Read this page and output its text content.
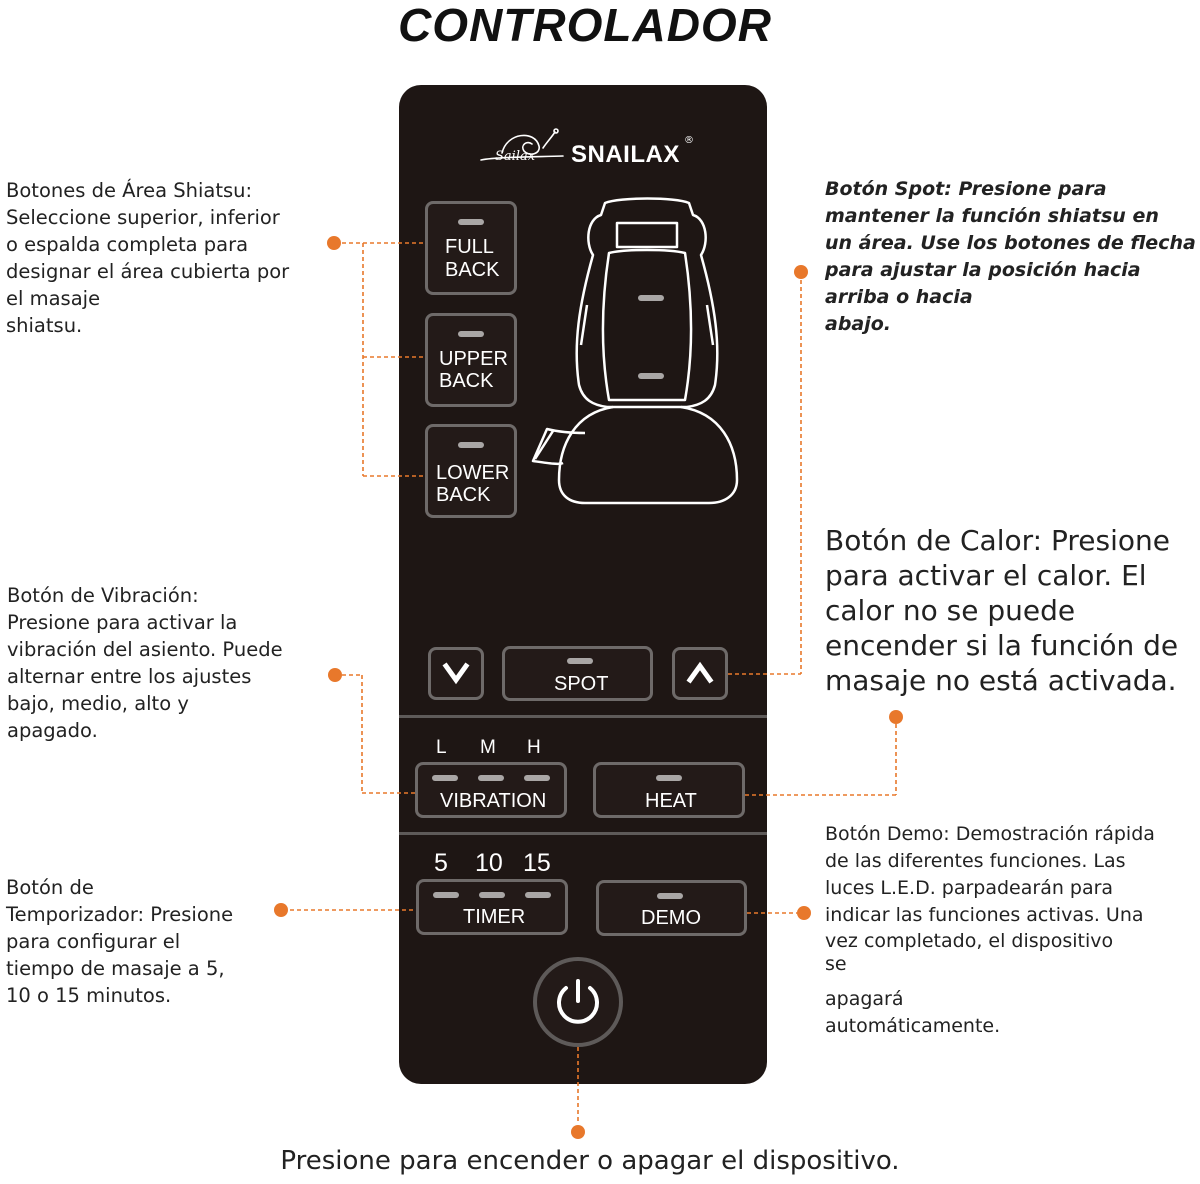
CONTROLADOR
Botones de Área Shiatsu:
Seleccione superior, inferior
o espalda completa para
designar el área cubierta por
el masaje
shiatsu.
Botón de Vibración:
Presione para activar la
vibración del asiento. Puede
alternar entre los ajustes
bajo, medio, alto y
apagado.
Botón de
Temporizador: Presione
para configurar el
tiempo de masaje a 5,
10 o 15 minutos.
Botón Spot: Presione para
mantener la función shiatsu en
un área. Use los botones de flecha
para ajustar la posición hacia
arriba o hacia
abajo.
Botón de Calor: Presione
para activar el calor. El
calor no se puede
encender si la función de
masaje no está activada.
Botón Demo: Demostración rápida
de las diferentes funciones. Las
luces L.E.D. parpadearán para
indicar las funciones activas. Una
vez completado, el dispositivo
se
apagará
automáticamente.
Presione para encender o apagar el dispositivo.
Sailax SNAILAX
®
FULL
BACK
UPPER
BACK
LOWER
BACK
SPOT
L M H
VIBRATION	HEAT
5 10 15
TIMER	DEMO
